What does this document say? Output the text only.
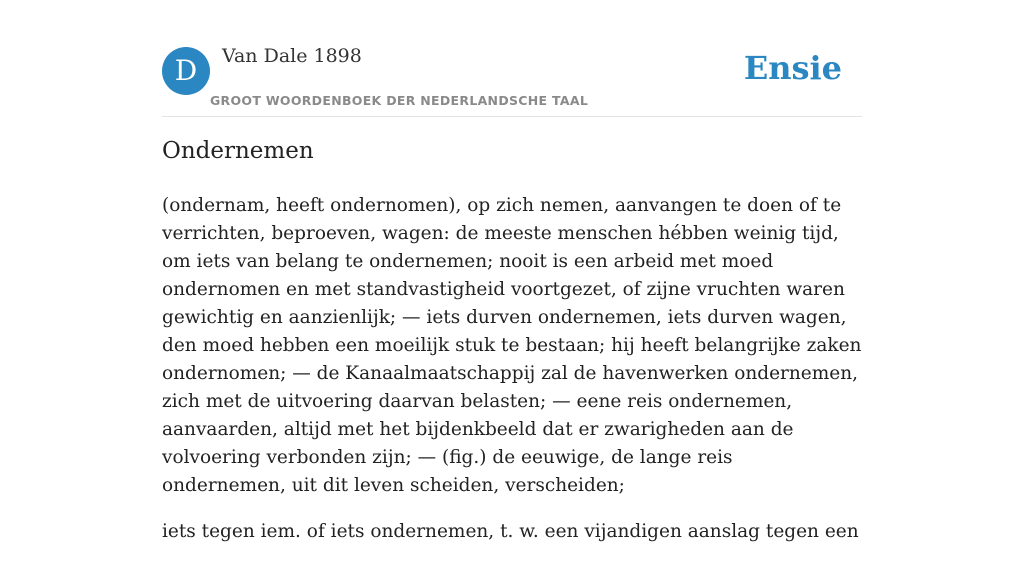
D	Van Dale 1898
GROOT WOORDENBOEK DER NEDERLANDSCHE TAAL
Ensie
Ondernemen

(ondernam, heeft ondernomen), op zich nemen, aanvangen te doen of te verrichten, beproeven, wagen: de meeste menschen hébben weinig tijd, om iets van belang te ondernemen; nooit is een arbeid met moed ondernomen en met standvastigheid voortgezet, of zijne vruchten waren gewichtig en aanzienlijk; — iets durven ondernemen, iets durven wagen, den moed hebben een moeilijk stuk te bestaan; hij heeft belangrijke zaken ondernomen; — de Kanaalmaatschappij zal de havenwerken ondernemen, zich met de uitvoering daarvan belasten; — eene reis ondernemen, aanvaarden, altijd met het bijdenkbeeld dat er zwarigheden aan de volvoering verbonden zijn; — (fig.) de eeuwige, de lange reis ondernemen, uit dit leven scheiden, verscheiden;

iets tegen iem. of iets ondernemen, t. w. een vijandigen aanslag tegen een
